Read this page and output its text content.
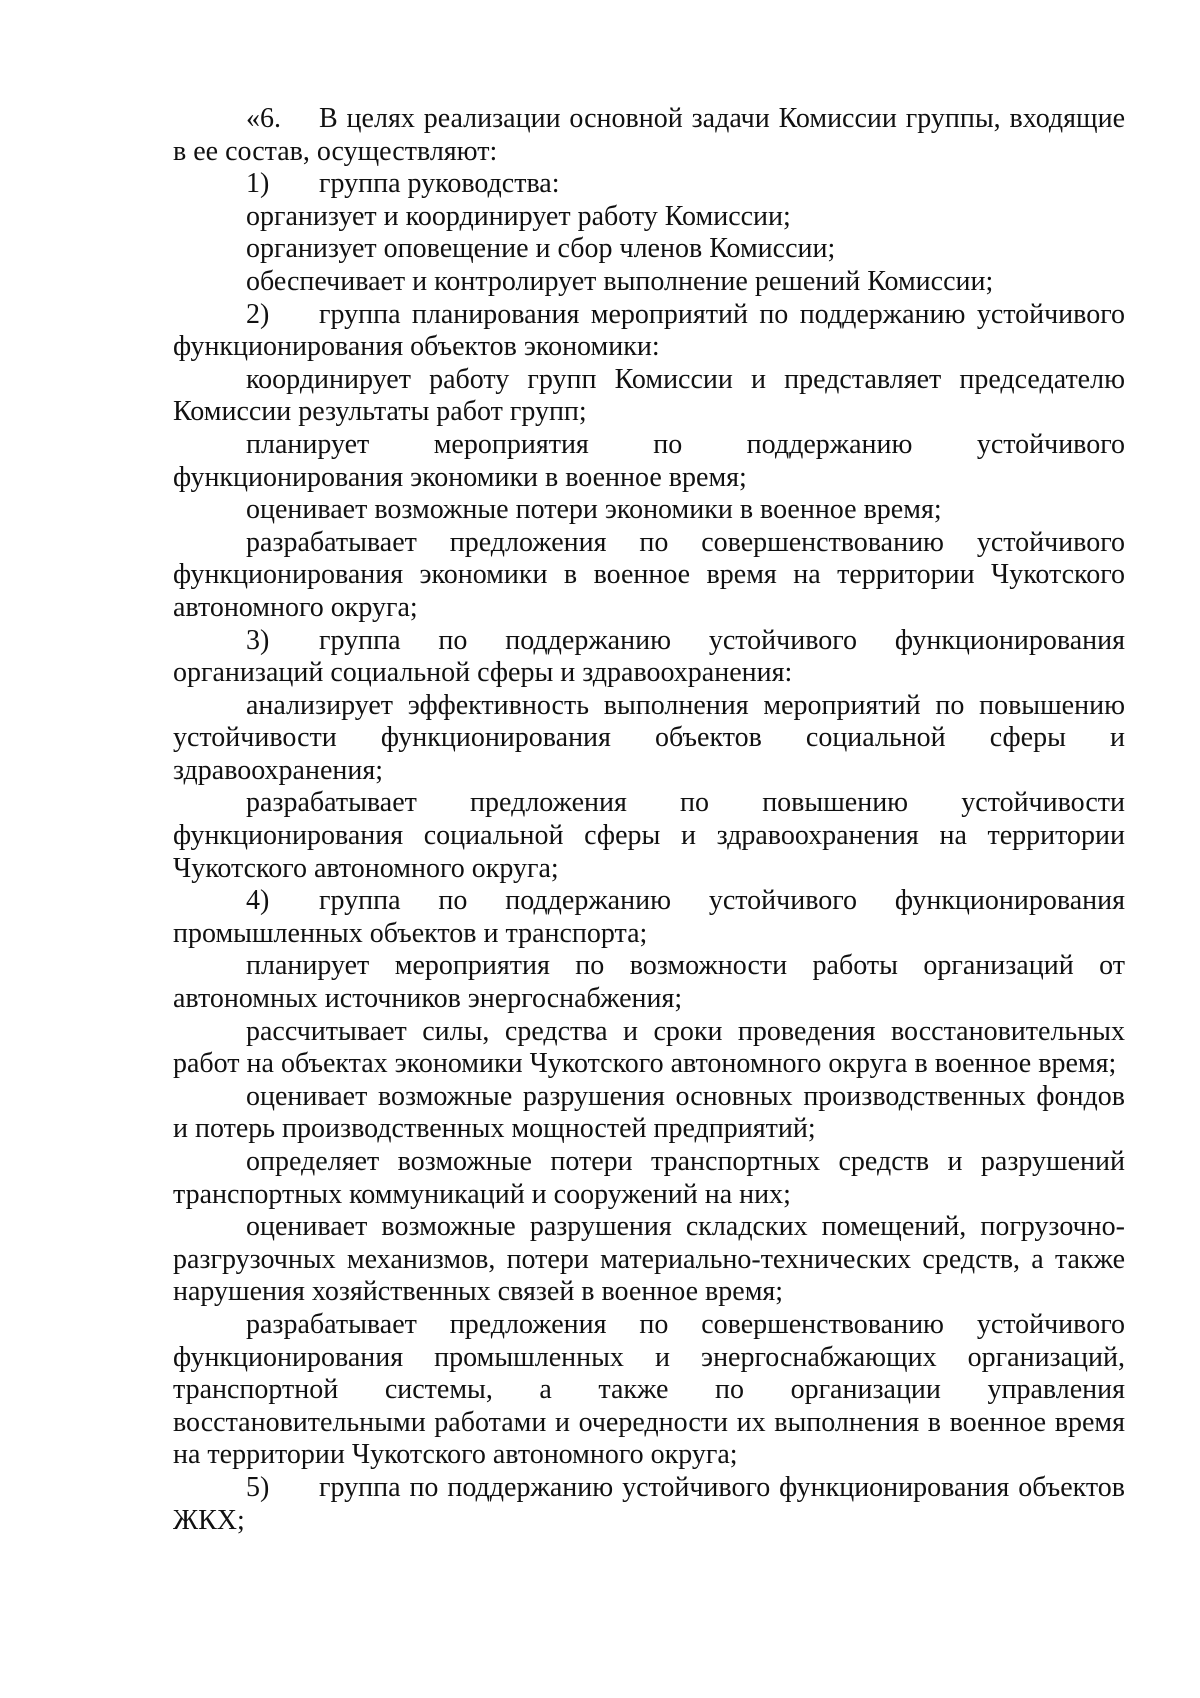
«6. В целях реализации основной задачи Комиссии группы, входящие в ее состав, осуществляют:

1) группа руководства:

организует и координирует работу Комиссии;

организует оповещение и сбор членов Комиссии;

обеспечивает и контролирует выполнение решений Комиссии;

2) группа планирования мероприятий по поддержанию устойчивого функционирования объектов экономики:

координирует работу групп Комиссии и представляет председателю Комиссии результаты работ групп;

планирует мероприятия по поддержанию устойчивого функционирования экономики в военное время;

оценивает возможные потери экономики в военное время;

разрабатывает предложения по совершенствованию устойчивого функционирования экономики в военное время на территории Чукотского автономного округа;

3) группа по поддержанию устойчивого функционирования организаций социальной сферы и здравоохранения:

анализирует эффективность выполнения мероприятий по повышению устойчивости функционирования объектов социальной сферы и здравоохранения;

разрабатывает предложения по повышению устойчивости функционирования социальной сферы и здравоохранения на территории Чукотского автономного округа;

4) группа по поддержанию устойчивого функционирования промышленных объектов и транспорта;

планирует мероприятия по возможности работы организаций от автономных источников энергоснабжения;

рассчитывает силы, средства и сроки проведения восстановительных работ на объектах экономики Чукотского автономного округа в военное время;

оценивает возможные разрушения основных производственных фондов и потерь производственных мощностей предприятий;

определяет возможные потери транспортных средств и разрушений транспортных коммуникаций и сооружений на них;

оценивает возможные разрушения складских помещений, погрузочно-разгрузочных механизмов, потери материально-технических средств, а также нарушения хозяйственных связей в военное время;

разрабатывает предложения по совершенствованию устойчивого функционирования промышленных и энергоснабжающих организаций, транспортной системы, а также по организации управления восстановительными работами и очередности их выполнения в военное время на территории Чукотского автономного округа;

5) группа по поддержанию устойчивого функционирования объектов ЖКХ;
